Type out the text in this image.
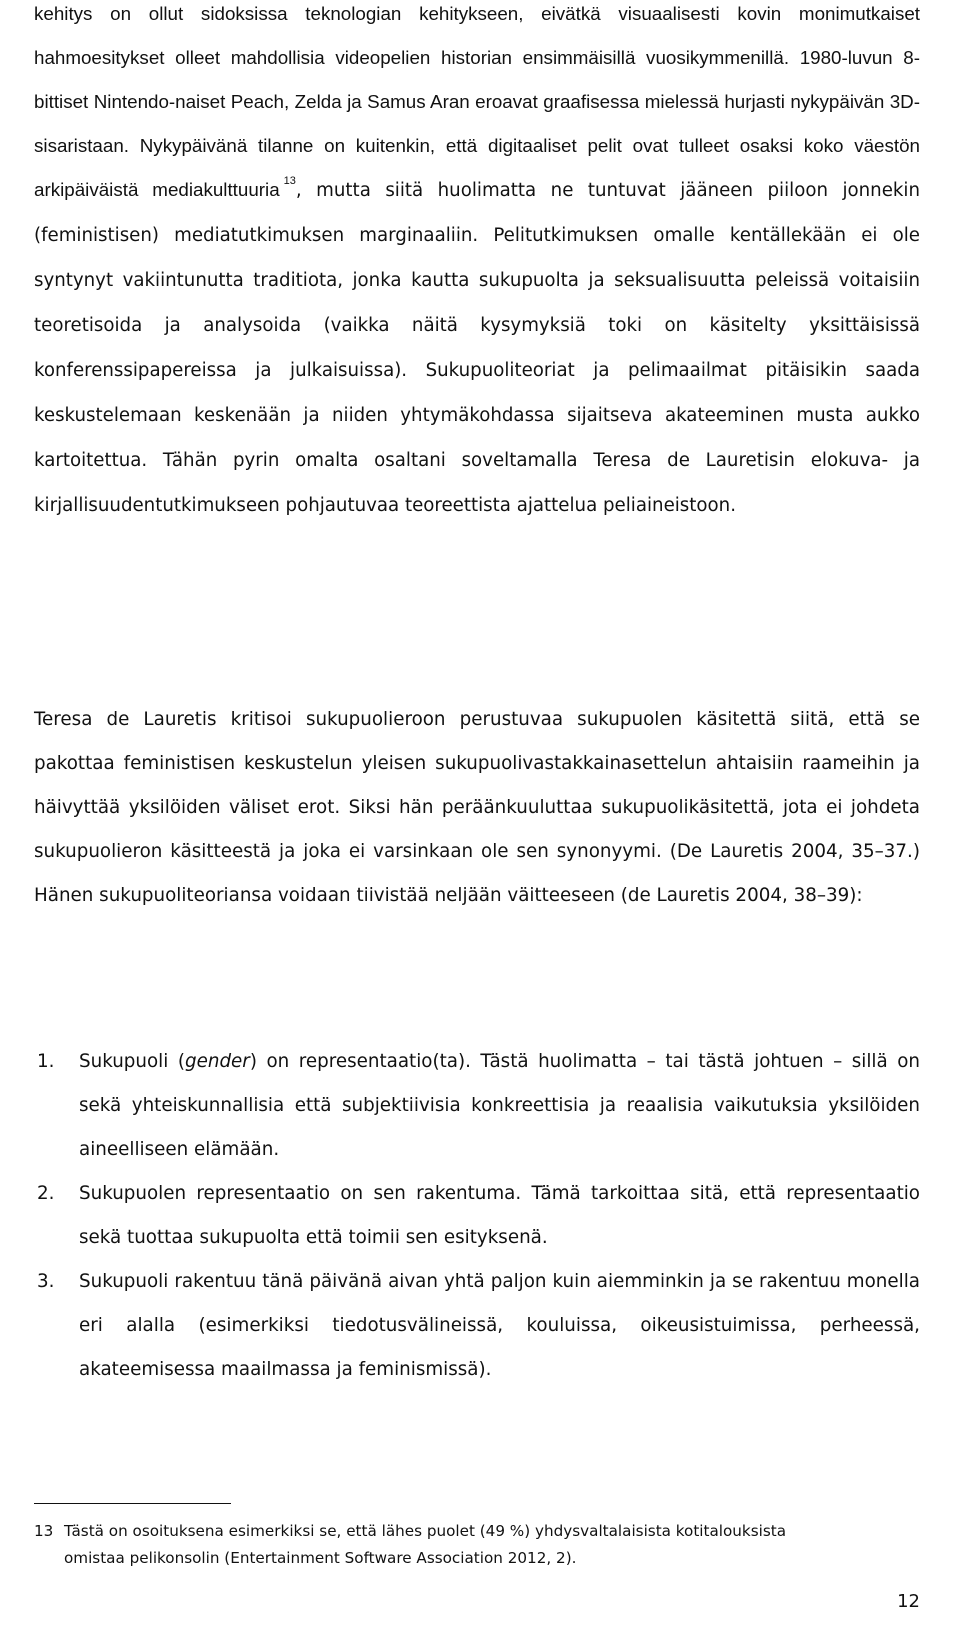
kehitys on ollut sidoksissa teknologian kehitykseen, eivätkä visuaalisesti kovin monimutkaiset hahmoesitykset olleet mahdollisia videopelien historian ensimmäisillä vuosikymmenillä. 1980-luvun 8-bittiset Nintendo-naiset Peach, Zelda ja Samus Aran eroavat graafisessa mielessä hurjasti nykypäivän 3D-sisaristaan. Nykypäivänä tilanne on kuitenkin, että digitaaliset pelit ovat tulleet osaksi koko väestön arkipäiväistä mediakulttuuria $^{13}$, mutta siitä huolimatta ne tuntuvat jääneen piiloon jonnekin (feministisen) mediatutkimuksen marginaaliin. Pelitutkimuksen omalle kentällekään ei ole syntynyt vakiintunutta traditiota, jonka kautta sukupuolta ja seksualisuutta peleissä voitaisiin teoretisoida ja analysoida (vaikka näitä kysymyksiä toki on käsitelty yksittäisissä konferenssipapereissa ja julkaisuissa). Sukupuoliteoriat ja pelimaailmat pitäisikin saada keskustelemaan keskenään ja niiden yhtymäkohdassa sijaitseva akateeminen musta aukko kartoitettua. Tähän pyrin omalta osaltani soveltamalla Teresa de Lauretisin elokuva- ja kirjallisuudentutkimukseen pohjautuvaa teoreettista ajattelua peliaineistoon.

Teresa de Lauretis kritisoi sukupuolieroon perustuvaa sukupuolen käsitettä siitä, että se pakottaa feministisen keskustelun yleisen sukupuolivastakkainasettelun ahtaisiin raameihin ja häivyttää yksilöiden väliset erot. Siksi hän peräänkuuluttaa sukupuolikäsitettä, jota ei johdeta sukupuolieron käsitteestä ja joka ei varsinkaan ole sen synonyymi. (De Lauretis 2004, 35–37.) Hänen sukupuoliteoriansa voidaan tiivistää neljään väitteeseen (de Lauretis 2004, 38–39):

1. Sukupuoli (gender) on representaatio(ta). Tästä huolimatta – tai tästä johtuen – sillä on sekä yhteiskunnallisia että subjektiivisia konkreettisia ja reaalisia vaikutuksia yksilöiden aineelliseen elämään.
2. Sukupuolen representaatio on sen rakentuma. Tämä tarkoittaa sitä, että representaatio sekä tuottaa sukupuolta että toimii sen esityksenä.
3. Sukupuoli rakentuu tänä päivänä aivan yhtä paljon kuin aiemminkin ja se rakentuu monella eri alalla (esimerkiksi tiedotusvälineissä, kouluissa, oikeusistuimissa, perheessä, akateemisessa maailmassa ja feminismissä).
13 Tästä on osoituksena esimerkiksi se, että lähes puolet (49 %) yhdysvaltalaisista kotitalouksista
omistaa pelikonsolin (Entertainment Software Association 2012, 2).
12
